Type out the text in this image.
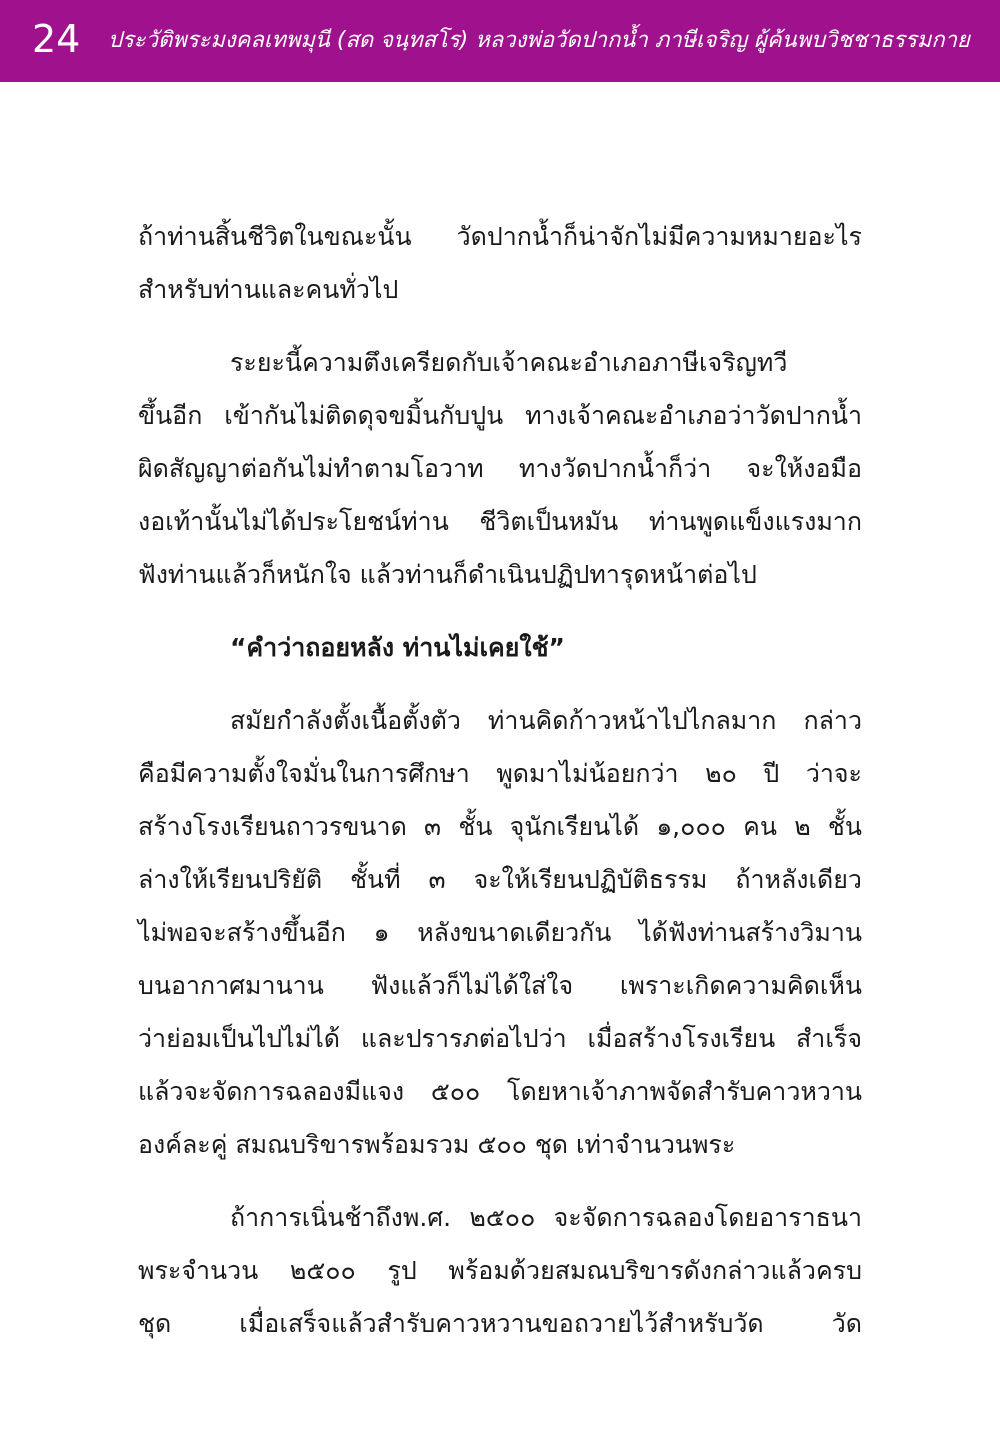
24 ประวัติพระมงคลเทพมุนี (สด จนฺทสโร) หลวงพ่อวัดปากน้ำ ภาษีเจริญ ผู้ค้นพบวิชชาธรรมกาย
ถ้าท่านสิ้นชีวิตในขณะนั้น วัดปากน้ำก็น่าจักไม่มีความหมายอะไร
สำหรับท่านและคนทั่วไป
ระยะนี้ความตึงเครียดกับเจ้าคณะอำเภอภาษีเจริญทวี
ขึ้นอีก เข้ากันไม่ติดดุจขมิ้นกับปูน ทางเจ้าคณะอำเภอว่าวัดปากน้ำ
ผิดสัญญาต่อกันไม่ทำตามโอวาท ทางวัดปากน้ำก็ว่า จะให้งอมือ
งอเท้านั้นไม่ได้ประโยชน์ท่าน ชีวิตเป็นหมัน ท่านพูดแข็งแรงมาก
ฟังท่านแล้วก็หนักใจ แล้วท่านก็ดำเนินปฏิปทารุดหน้าต่อไป
“คำว่าถอยหลัง ท่านไม่เคยใช้”
สมัยกำลังตั้งเนื้อตั้งตัว ท่านคิดก้าวหน้าไปไกลมาก กล่าว
คือมีความตั้งใจมั่นในการศึกษา พูดมาไม่น้อยกว่า ๒๐ ปี ว่าจะ
สร้างโรงเรียนถาวรขนาด ๓ ชั้น จุนักเรียนได้ ๑,๐๐๐ คน ๒ ชั้น
ล่างให้เรียนปริยัติ ชั้นที่ ๓ จะให้เรียนปฏิบัติธรรม ถ้าหลังเดียว
ไม่พอจะสร้างขึ้นอีก ๑ หลังขนาดเดียวกัน ได้ฟังท่านสร้างวิมาน
บนอากาศมานาน ฟังแล้วก็ไม่ได้ใส่ใจ เพราะเกิดความคิดเห็น
ว่าย่อมเป็นไปไม่ได้ และปรารภต่อไปว่า เมื่อสร้างโรงเรียน สำเร็จ
แล้วจะจัดการฉลองมีแจง ๕๐๐ โดยหาเจ้าภาพจัดสำรับคาวหวาน
องค์ละคู่ สมณบริขารพร้อมรวม ๕๐๐ ชุด เท่าจำนวนพระ
ถ้าการเนิ่นช้าถึงพ.ศ. ๒๕๐๐ จะจัดการฉลองโดยอาราธนา
พระจำนวน ๒๕๐๐ รูป พร้อมด้วยสมณบริขารดังกล่าวแล้วครบ
ชุด	เมื่อเสร็จแล้วสำรับคาวหวานขอถวายไว้สำหรับวัด	วัด
